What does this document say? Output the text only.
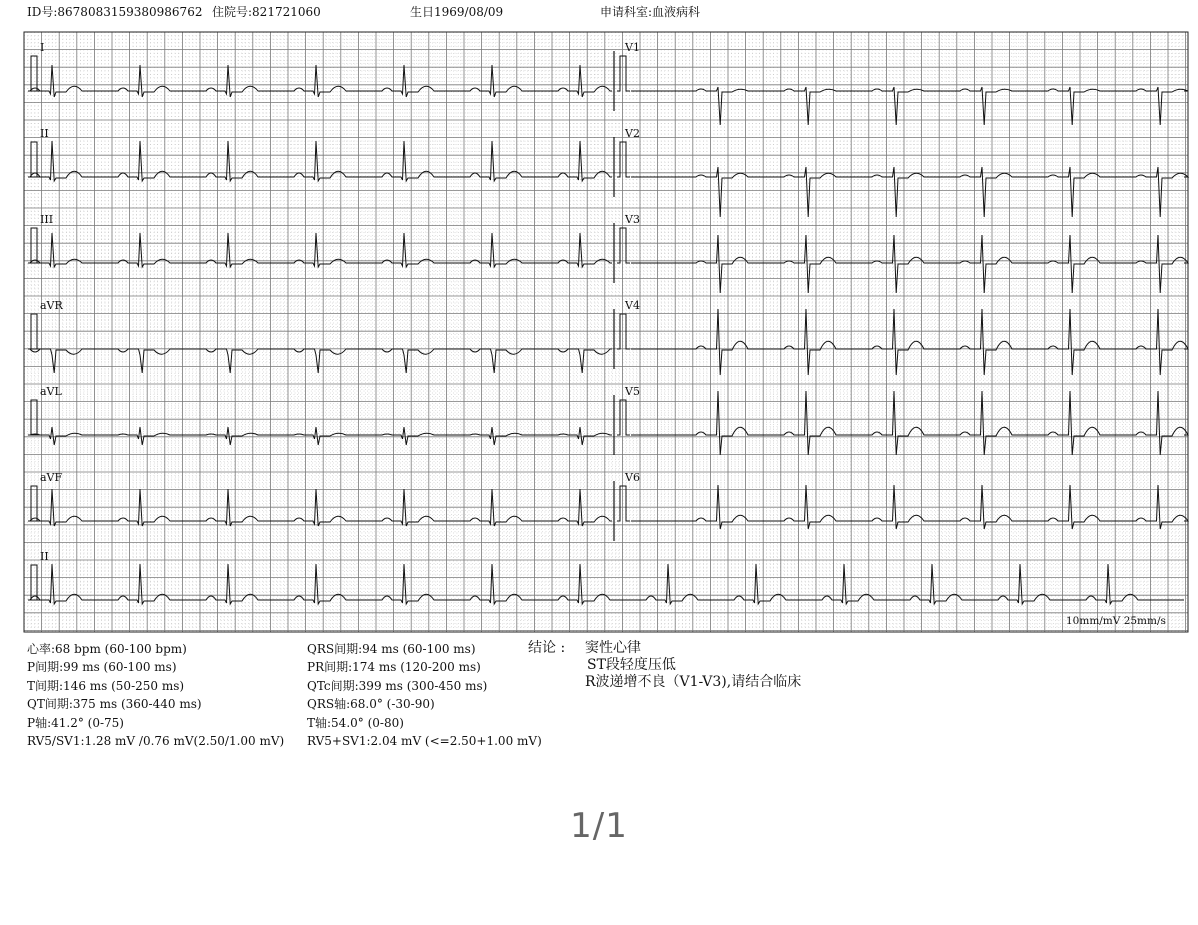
ID号:8678083159380986762 住院号:821721060	生日1969/08/09	申请科室:血液病科
I	V1
II	V2
III	V3
aVR	V4
aVL	V5
aVF	V6
II
10mm/mV 25mm/s
心率:68 bpm (60-100 bpm)	QRS间期:94 ms (60-100 ms)
P间期:99 ms (60-100 ms)	PR间期:174 ms (120-200 ms)
T间期:146 ms (50-250 ms)	QTc间期:399 ms (300-450 ms)
QT间期:375 ms (360-440 ms)	QRS轴:68.0° (-30-90)
P轴:41.2° (0-75)	T轴:54.0° (0-80)
RV5/SV1:1.28 mV /0.76 mV(2.50/1.00 mV) RV5+SV1:2.04 mV (<=2.50+1.00 mV)
结论 : 窦性心律
ST段轻度压低
R波递增不良（V1-V3),请结合临床
1/1
